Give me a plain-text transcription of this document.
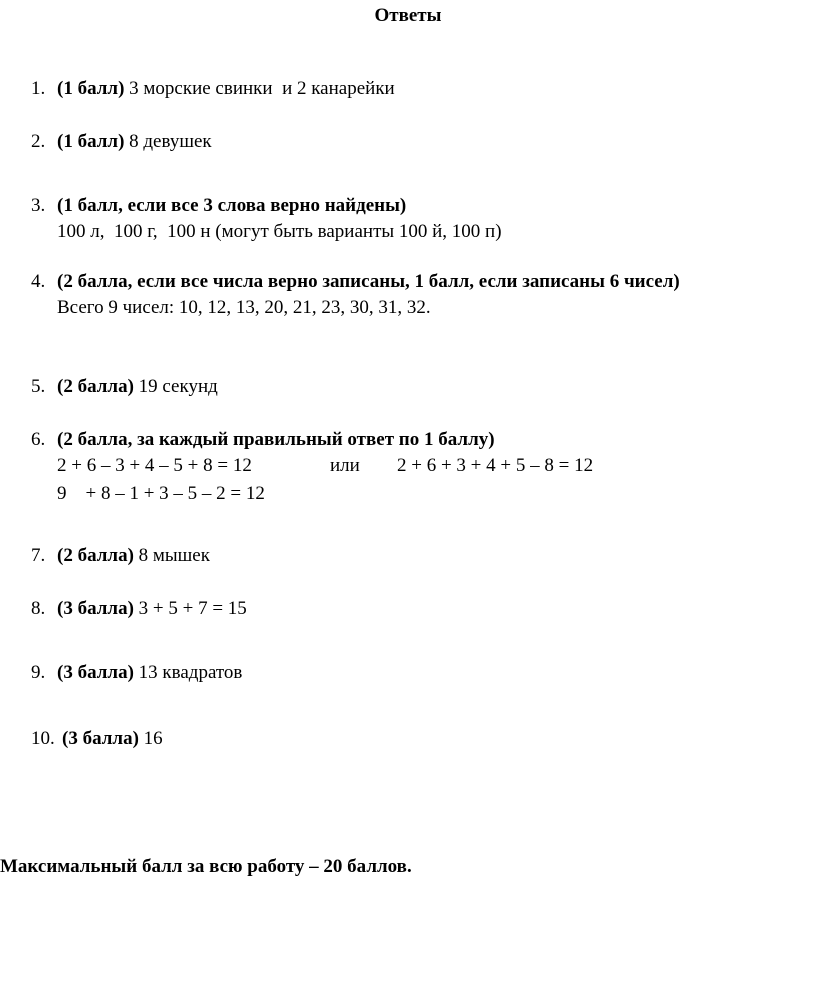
Ответы
1. (1 балл) 3 морские свинки  и 2 канарейки
2. (1 балл) 8 девушек
3. (1 балл, если все 3 слова верно найдены)
100 л,  100 г,  100 н (могут быть варианты 100 й, 100 п)
4. (2 балла, если все числа верно записаны, 1 балл, если записаны 6 чисел)
Всего 9 чисел: 10, 12, 13, 20, 21, 23, 30, 31, 32.
5. (2 балла) 19 секунд
6. (2 балла, за каждый правильный ответ по 1 баллу)
2 + 6 – 3 + 4 – 5 + 8 = 12	или 2 + 6 + 3 + 4 + 5 – 8 = 12
9    + 8 – 1 + 3 – 5 – 2 = 12
7. (2 балла) 8 мышек
8. (3 балла) 3 + 5 + 7 = 15
9. (3 балла) 13 квадратов
10. (3 балла) 16
Максимальный балл за всю работу – 20 баллов.
